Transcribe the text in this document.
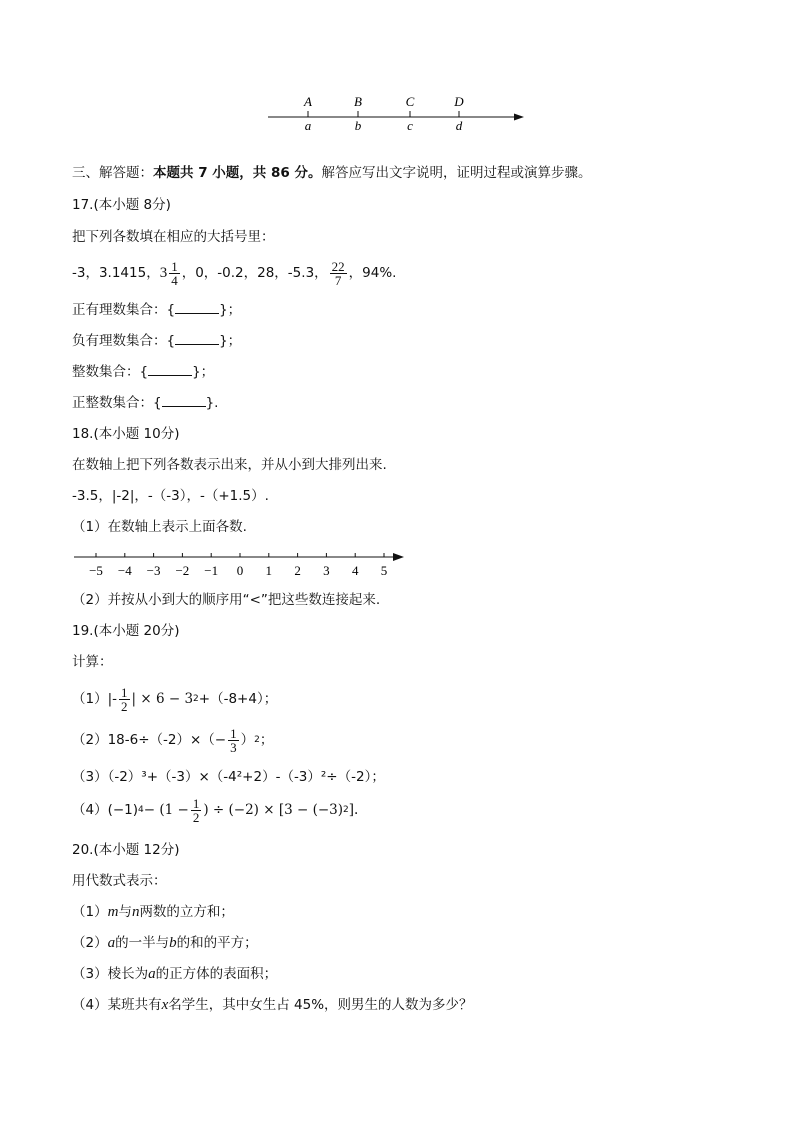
A	B	C	D
a	b	c	d
三、解答题：本题共 7 小题，共 86 分。解答应写出文字说明，证明过程或演算步骤。
17.(本小题 8分)
把下列各数填在相应的大括号里：
-3，3.1415， $3 \frac{1}{4}$ ，0，-0.2，28，-5.3， $\frac{22}{7}$ ，94%.
正有理数集合：{	}；
负有理数集合：{	}；
整数集合：{	}；
正整数集合：{	}.
18.(本小题 10分)
在数轴上把下列各数表示出来，并从小到大排列出来.
-3.5，|-2|，-（-3），-（+1.5）.
（1）在数轴上表示上面各数.
−5 −4 −3 −2 −1 0 1 2 3 4 5
（2）并按从小到大的顺序用“<”把这些数连接起来.
19.(本小题 20分)
计算：
$(1)|- \frac{1}{2}$ | × 6 − 3 2 +（-8+4）；
$(2)18-6\div(-2)\times(- \frac{1}{3}$ ） 2 ；
（3）（-2）³+（-3）×（-4²+2）-（-3）²÷（-2）；
（4）(−1) $4 - (1 - \frac{1}{2}$ ) ÷ (−2) × [3 − (−3) 2 ].
20.(本小题 12分)
用代数式表示：
（1）m与n两数的立方和；
（2）a的一半与b的和的平方；
（3）棱长为a的正方体的表面积；
（4）某班共有x名学生，其中女生占 45%，则男生的人数为多少？
